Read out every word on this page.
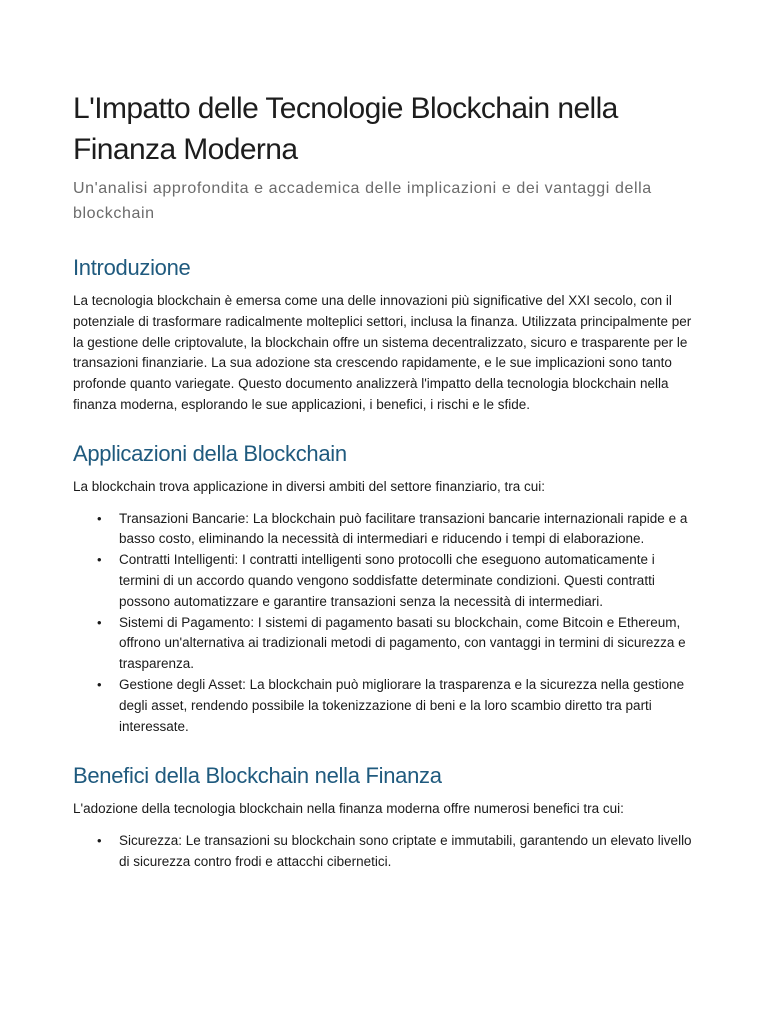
L'Impatto delle Tecnologie Blockchain nella Finanza Moderna
Un'analisi approfondita e accademica delle implicazioni e dei vantaggi della blockchain
Introduzione

La tecnologia blockchain è emersa come una delle innovazioni più significative del XXI secolo, con il potenziale di trasformare radicalmente molteplici settori, inclusa la finanza. Utilizzata principalmente per la gestione delle criptovalute, la blockchain offre un sistema decentralizzato, sicuro e trasparente per le transazioni finanziarie. La sua adozione sta crescendo rapidamente, e le sue implicazioni sono tanto profonde quanto variegate. Questo documento analizzerà l'impatto della tecnologia blockchain nella finanza moderna, esplorando le sue applicazioni, i benefici, i rischi e le sfide.

Applicazioni della Blockchain

La blockchain trova applicazione in diversi ambiti del settore finanziario, tra cui:

• Transazioni Bancarie: La blockchain può facilitare transazioni bancarie internazionali rapide e a basso costo, eliminando la necessità di intermediari e riducendo i tempi di elaborazione.
• Contratti Intelligenti: I contratti intelligenti sono protocolli che eseguono automaticamente i termini di un accordo quando vengono soddisfatte determinate condizioni. Questi contratti possono automatizzare e garantire transazioni senza la necessità di intermediari.
• Sistemi di Pagamento: I sistemi di pagamento basati su blockchain, come Bitcoin e Ethereum, offrono un'alternativa ai tradizionali metodi di pagamento, con vantaggi in termini di sicurezza e trasparenza.
• Gestione degli Asset: La blockchain può migliorare la trasparenza e la sicurezza nella gestione degli asset, rendendo possibile la tokenizzazione di beni e la loro scambio diretto tra parti interessate.
Benefici della Blockchain nella Finanza

L'adozione della tecnologia blockchain nella finanza moderna offre numerosi benefici tra cui:

• Sicurezza: Le transazioni su blockchain sono criptate e immutabili, garantendo un elevato livello di sicurezza contro frodi e attacchi cibernetici.
